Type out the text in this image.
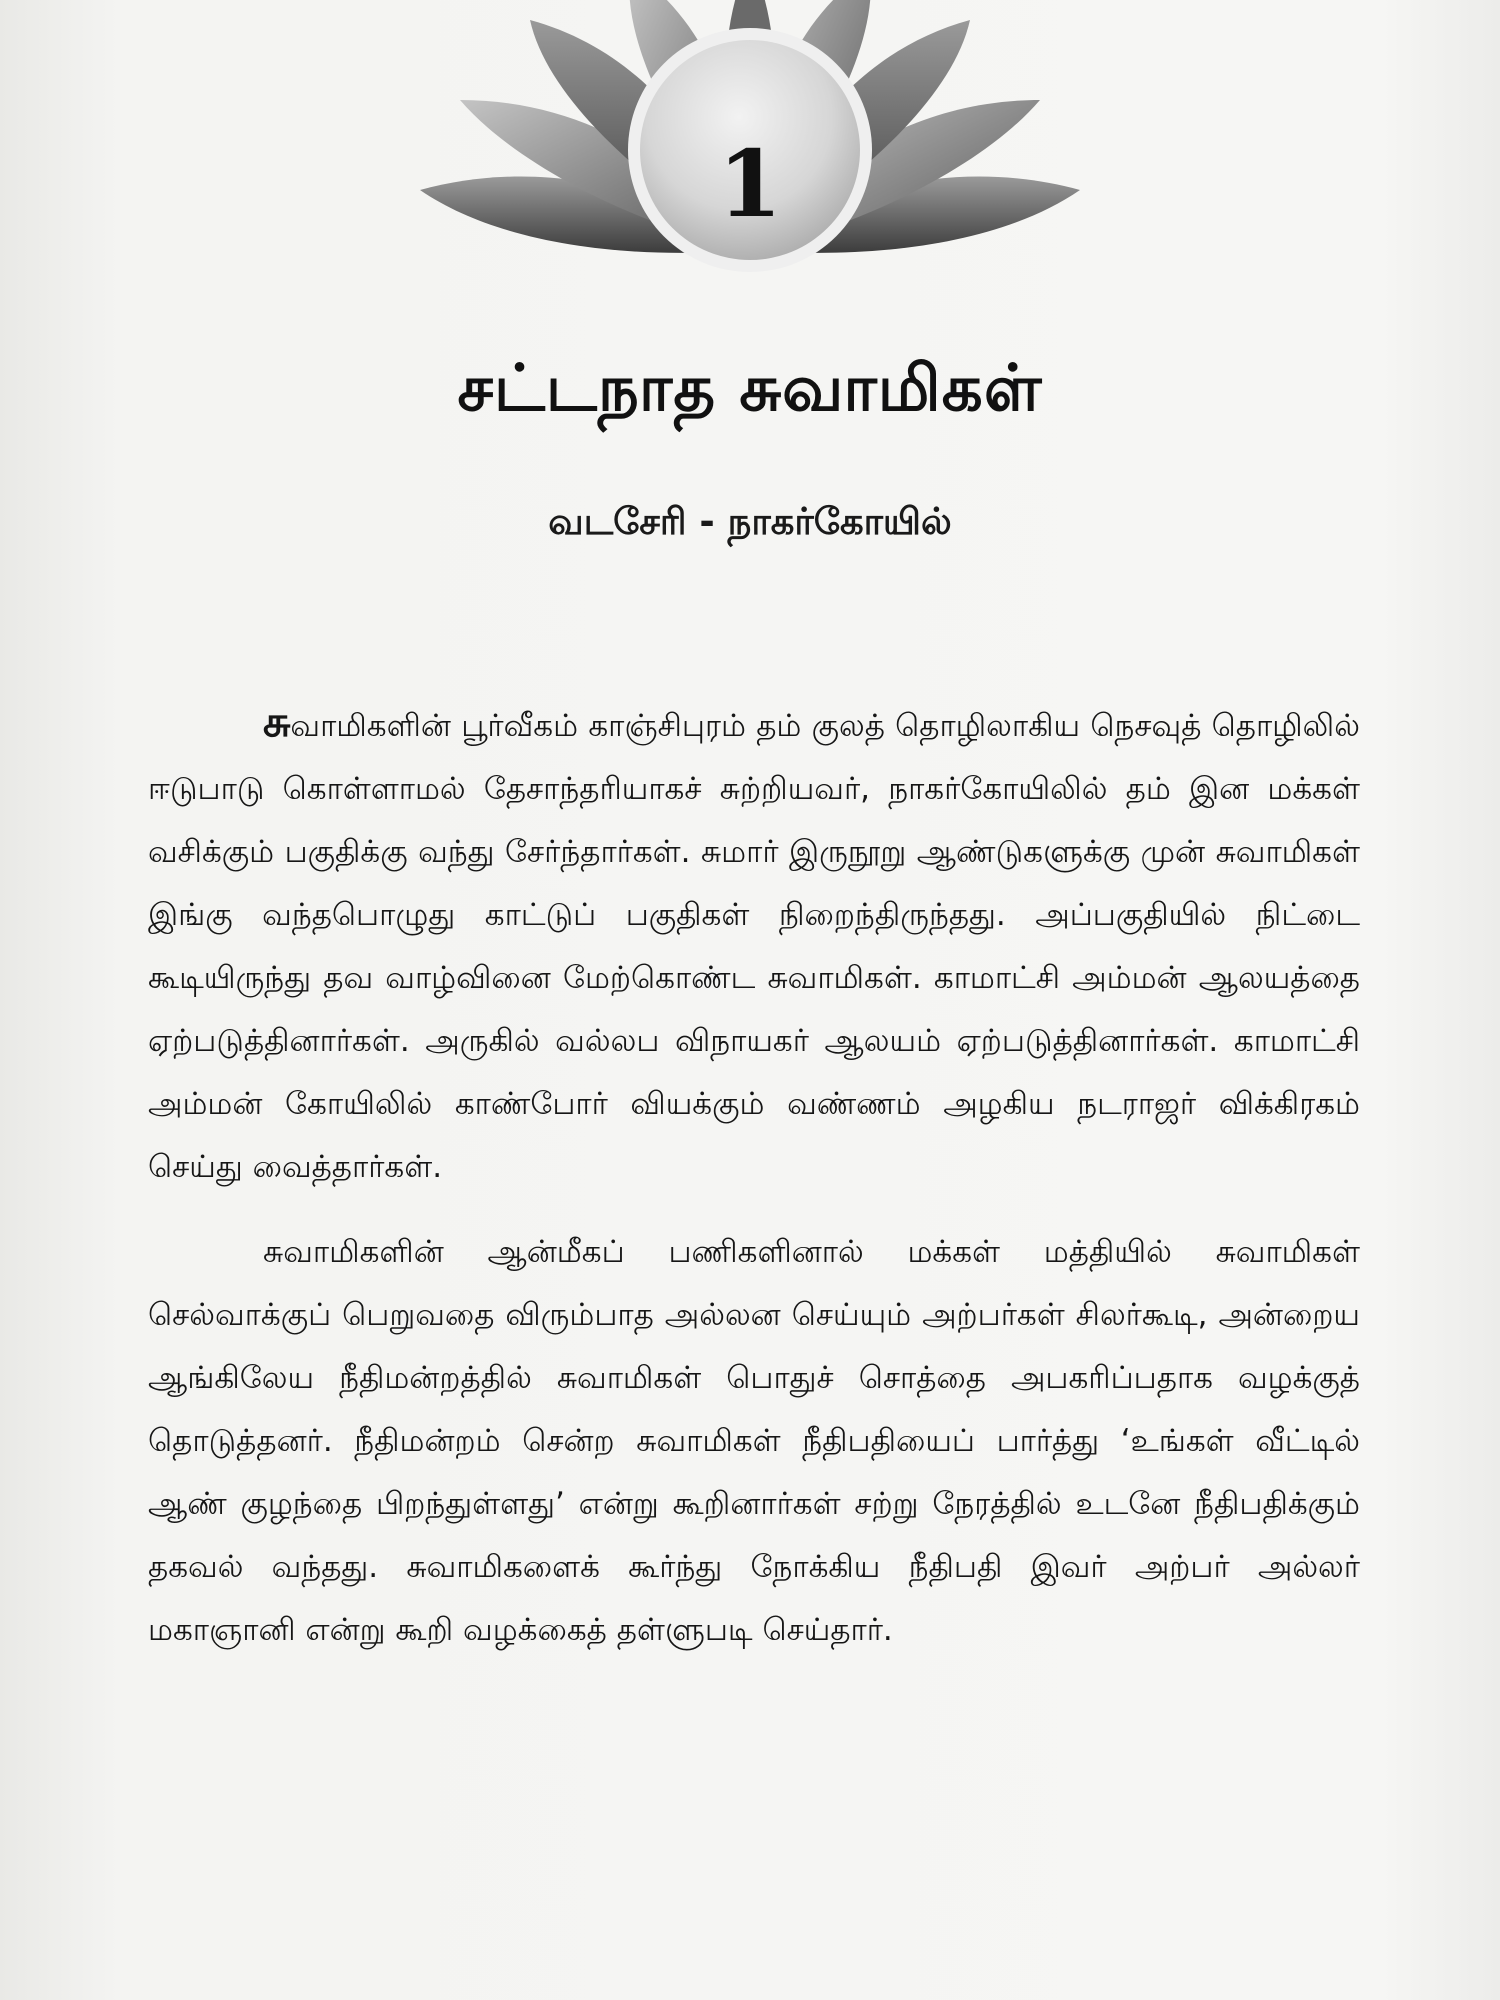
1
சட்டநாத சுவாமிகள்
வடசேரி - நாகர்கோயில்

சுவாமிகளின் பூர்வீகம் காஞ்சிபுரம் தம் குலத் தொழிலாகிய நெசவுத் தொழிலில் ஈடுபாடு கொள்ளாமல் தேசாந்தரியாகச் சுற்றியவர், நாகர்கோயிலில் தம் இன மக்கள் வசிக்கும் பகுதிக்கு வந்து சேர்ந்தார்கள். சுமார் இருநூறு ஆண்டுகளுக்கு முன் சுவாமிகள் இங்கு வந்தபொழுது காட்டுப் பகுதிகள் நிறைந்திருந்தது. அப்பகுதியில் நிட்டை கூடியிருந்து தவ வாழ்வினை மேற்கொண்ட சுவாமிகள். காமாட்சி அம்மன் ஆலயத்தை ஏற்படுத்தினார்கள். அருகில் வல்லப விநாயகர் ஆலயம் ஏற்படுத்தினார்கள். காமாட்சி அம்மன் கோயிலில் காண்போர் வியக்கும் வண்ணம் அழகிய நடராஜர் விக்கிரகம் செய்து வைத்தார்கள்.

சுவாமிகளின் ஆன்மீகப் பணிகளினால் மக்கள் மத்தியில் சுவாமிகள் செல்வாக்குப் பெறுவதை விரும்பாத அல்லன செய்யும் அற்பர்கள் சிலர்கூடி, அன்றைய ஆங்கிலேய நீதிமன்றத்தில் சுவாமிகள் பொதுச் சொத்தை அபகரிப்பதாக வழக்குத் தொடுத்தனர். நீதிமன்றம் சென்ற சுவாமிகள் நீதிபதியைப் பார்த்து ‘உங்கள் வீட்டில் ஆண் குழந்தை பிறந்துள்ளது’ என்று கூறினார்கள் சற்று நேரத்தில் உடனே நீதிபதிக்கும் தகவல் வந்தது. சுவாமிகளைக் கூர்ந்து நோக்கிய நீதிபதி இவர் அற்பர் அல்லர் மகாஞானி என்று கூறி வழக்கைத் தள்ளுபடி செய்தார்.
